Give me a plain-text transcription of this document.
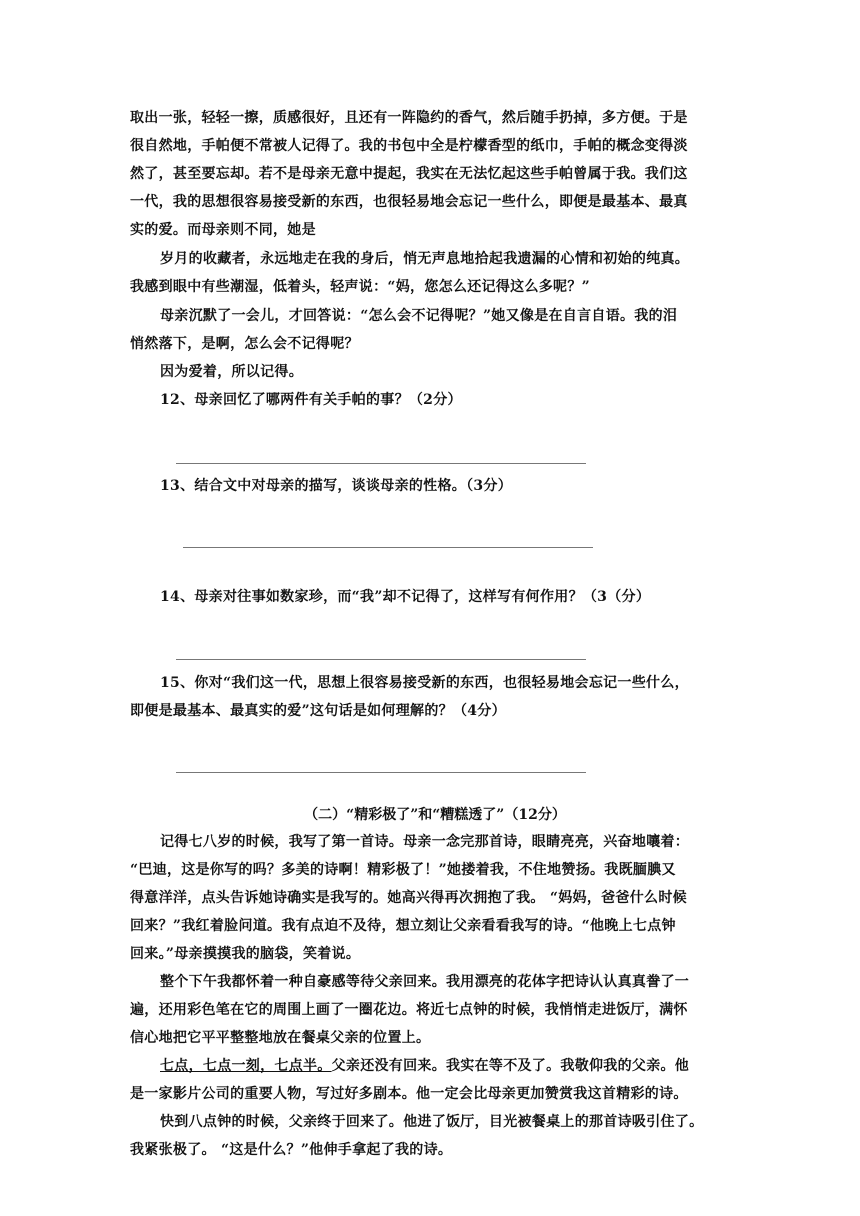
取出一张，轻轻一擦，质感很好，且还有一阵隐约的香气，然后随手扔掉，多方便。于是
很自然地，手帕便不常被人记得了。我的书包中全是柠檬香型的纸巾，手帕的概念变得淡
然了，甚至要忘却。若不是母亲无意中提起，我实在无法忆起这些手帕曾属于我。我们这
一代，我的思想很容易接受新的东西，也很轻易地会忘记一些什么，即便是最基本、最真
实的爱。而母亲则不同，她是
岁月的收藏者，永远地走在我的身后，悄无声息地拾起我遗漏的心情和初始的纯真。
我感到眼中有些潮湿，低着头，轻声说：“妈，您怎么还记得这么多呢？”
母亲沉默了一会儿，才回答说：“怎么会不记得呢？”她又像是在自言自语。我的泪
悄然落下，是啊，怎么会不记得呢？
因为爱着，所以记得。
12、母亲回忆了哪两件有关手帕的事？（2分）
13、结合文中对母亲的描写，谈谈母亲的性格。（3分）
14、母亲对往事如数家珍，而“我”却不记得了，这样写有何作用？（3（分）
15、你对“我们这一代，思想上很容易接受新的东西，也很轻易地会忘记一些什么，
即便是最基本、最真实的爱”这句话是如何理解的？（4分）
（二）“精彩极了”和“糟糕透了”（12分）
记得七八岁的时候，我写了第一首诗。母亲一念完那首诗，眼睛亮亮，兴奋地嚷着：
“巴迪，这是你写的吗？多美的诗啊！精彩极了！”她搂着我，不住地赞扬。我既腼腆又
得意洋洋，点头告诉她诗确实是我写的。她高兴得再次拥抱了我。 “妈妈，爸爸什么时候
回来？”我红着脸问道。我有点迫不及待，想立刻让父亲看看我写的诗。“他晚上七点钟
回来。”母亲摸摸我的脑袋，笑着说。
整个下午我都怀着一种自豪感等待父亲回来。我用漂亮的花体字把诗认认真真誊了一
遍，还用彩色笔在它的周围上画了一圈花边。将近七点钟的时候，我悄悄走进饭厅，满怀
信心地把它平平整整地放在餐桌父亲的位置上。
七点，七点一刻，七点半。父亲还没有回来。我实在等不及了。我敬仰我的父亲。他
是一家影片公司的重要人物，写过好多剧本。他一定会比母亲更加赞赏我这首精彩的诗。
快到八点钟的时候，父亲终于回来了。他进了饭厅，目光被餐桌上的那首诗吸引住了。
我紧张极了。 “这是什么？”他伸手拿起了我的诗。
